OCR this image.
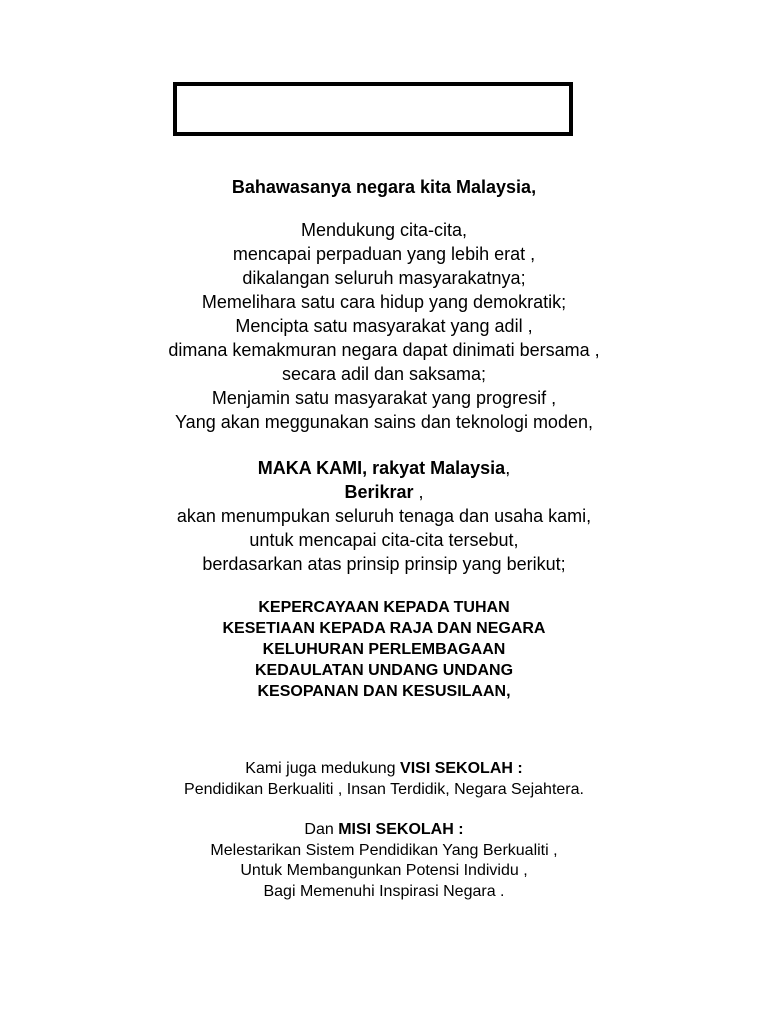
Bahawasanya negara kita Malaysia,
Mendukung cita-cita,
mencapai perpaduan yang lebih erat ,
dikalangan seluruh masyarakatnya;
Memelihara satu cara hidup yang demokratik;
Mencipta satu masyarakat yang adil ,
dimana kemakmuran negara dapat dinimati bersama ,
secara adil dan saksama;
Menjamin satu masyarakat yang progresif ,
Yang akan meggunakan sains dan teknologi moden,
MAKA KAMI, rakyat Malaysia,
Berikrar ,
akan menumpukan seluruh tenaga dan usaha kami,
untuk mencapai cita-cita tersebut,
berdasarkan atas prinsip prinsip yang berikut;
KEPERCAYAAN KEPADA TUHAN
KESETIAAN KEPADA RAJA DAN NEGARA
KELUHURAN PERLEMBAGAAN
KEDAULATAN UNDANG UNDANG
KESOPANAN DAN KESUSILAAN,
Kami juga medukung VISI SEKOLAH :
Pendidikan Berkualiti , Insan Terdidik, Negara Sejahtera.
Dan MISI SEKOLAH :
Melestarikan Sistem Pendidikan Yang Berkualiti ,
Untuk Membangunkan Potensi Individu ,
Bagi Memenuhi Inspirasi Negara .
